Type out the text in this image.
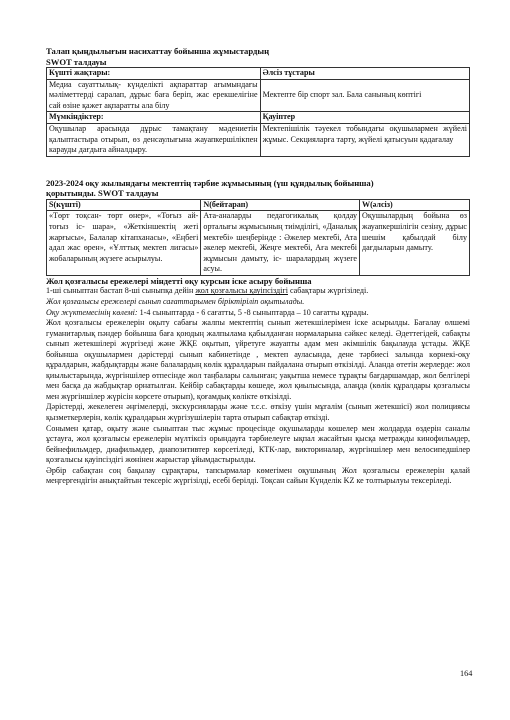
Талап қыңдылығын насихаттау бойынша жұмыстардың
SWOT талдауы
Күшті жақтары:	Әлсіз тұстары
Медиа сауаттылық- күнделікті ақпараттар ағымындағы мәліметтерді саралап, дұрыс баға беріп, жас ерекшелігіне сай өзіне қажет ақпаратты ала білу	Мектепте бір спорт зал. Бала санының көптігі
Мүмкіндіктер:	Қауіптер
Оқушылар арасында дұрыс тамақтану мәдениетін қалыптастыра отырып, өз денсаулығына жауапкершілікпен карауды дағдыға айналдыру.	Мектепішілік тәуекел тобындағы оқушылармен жүйелі жұмыс. Секцияларға тарту, жүйелі қатысуын қадағалау
2023-2024 оқу жылындағы мектептің тәрбие жұмысының (үш құндылық бойынша)
қорытынды. SWOT талдауы
S(күшті)	N(бейтарап)	W(әлсіз)
«Төрт тоқсан- төрт өнер», «Тоғыз ай- тоғыз іс- шара», «Жеткіншектің жеті жарғысы», Балалар кітапханасы», «Еңбегі адал жас өрен», «Ұлттық мектеп лигасы» жобаларының жүзеге асырылуы.	Ата-аналарды педагогикалық қолдау орталығы жұмысының тиімділігі, «Даналық мектебі» шеңберінде : Әжелер мектебі, Ата әкелер мектебі, Жеңге мектебі, Аға мектебі жұмысын дамыту, іс- шаралардың жүзеге асуы.	Оқушылардың бойына өз жауапкершілігін сезіну, дұрыс шешім қабылдай білу дағдыларын дамыту.
Жол қозғалысы ережелері міндетті оқу курсын іске асыру бойынша

1-ші сыныптан бастап 8-ші сыныпқа дейін жол қозғалысы қауіпсіздігі сабақтары жүргізіледі.

Жол қозғалысы ережелері сынып сағаттарымен біріктіріліп оқытылады.

Оқу жүктемесінің көлемі: 1-4 сыныптарда - 6 сағатты, 5 -8 сыныптарда – 10 сағатты құрады.

Жол қозғалысы ережелерін оқыту сабағы жалпы мектептің сынып жетекшілерімен іске асырылды. Бағалау өлшемі гуманитарлық пәндер бойынша баға қоюдың жалпылама қабылданған нормаларына сәйкес келеді. Әдеттегідей, сабақты сынып жетекшілері жүргізеді және ЖҚЕ оқытып, үйретуге жауапты адам мен әкімшілік бақылауда ұстады. ЖҚЕ бойынша оқушылармен дәрістерді сынып кабинетінде , мектеп ауласында, дене тәрбиесі залында көрнекі-оқу құралдарын, жабдықтарды және балалардың көлік құралдарын пайдалана отырып өткізілді. Аланда өтетін жерлерде: жол қиылыстарында, жүргіншілер өтпесінде жол таңбалары салынған; уақытша немесе тұрақты бағдаршамдар, жол белгілері мен басқа да жабдықтар орнатылған. Кейбір сабақтарды көшеде, жол қиылысында, алаңда (көлік құралдары қозғалысы мен жүргіншілер жүрісін көрсете отырып), қоғамдық көлікте өткізілді.

Дәрістерді, жекелеген әңгімелерді, экскурсияларды және т.с.с. өткізу үшін мұғалім (сынып жетекшісі) жол полициясы қызметкерлерін, көлік құралдарын жүргізушілерін тарта отырып сабақтар өткізді.

Сонымен қатар, оқыту және сыныптан тыс жұмыс процесінде оқушыларды көшелер мен жолдарда өздерін саналы ұстауға, жол қозғалысы ережелерін мүлтіксіз орындауға тәрбиелеуге ықпал жасайтын қысқа метражды кинофильмдер, бейнефильмдер, диафильмдер, диапозитивтер көрсетіледі, КТК-лар, викториналар, жүргіншілер мен велосипедшілер қозғалысы қауіпсіздігі жөнінен жарыстар ұйымдастырылды.

Әрбір сабақтан соң бақылау сұрақтары, тапсырмалар көмегімен оқушының Жол қозғалысы ережелерін қалай меңгергендігін анықтайтын тексеріс жүргізілді, есебі берілді. Тоқсан сайын Күнделік KZ ке толтырылуы тексеріледі.

164
